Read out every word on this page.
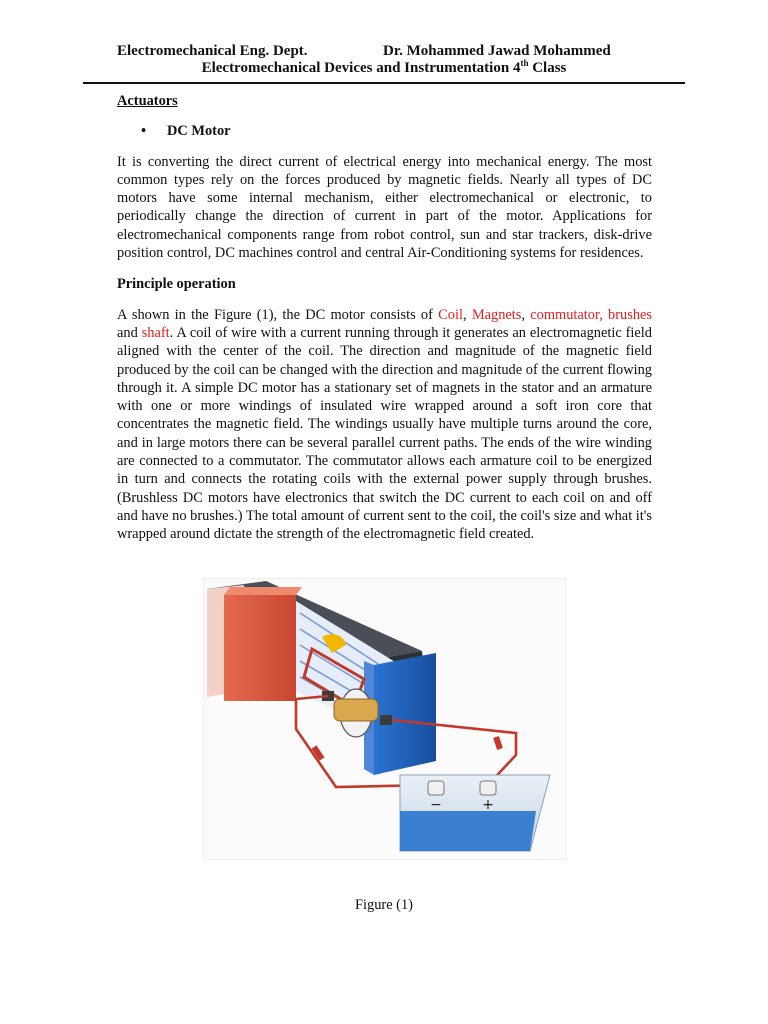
Electromechanical Eng. Dept.	Dr. Mohammed Jawad Mohammed
Electromechanical Devices and Instrumentation 4th Class
Actuators
•	DC Motor

It is converting the direct current of electrical energy into mechanical energy. The most common types rely on the forces produced by magnetic fields. Nearly all types of DC motors have some internal mechanism, either electromechanical or electronic, to periodically change the direction of current in part of the motor. Applications for electromechanical components range from robot control, sun and star trackers, disk-drive position control, DC machines control and central Air-Conditioning systems for residences.

Principle operation

A shown in the Figure (1), the DC motor consists of Coil, Magnets, commutator, brushes and shaft. A coil of wire with a current running through it generates an electromagnetic field aligned with the center of the coil. The direction and magnitude of the magnetic field produced by the coil can be changed with the direction and magnitude of the current flowing through it. A simple DC motor has a stationary set of magnets in the stator and an armature with one or more windings of insulated wire wrapped around a soft iron core that concentrates the magnetic field. The windings usually have multiple turns around the core, and in large motors there can be several parallel current paths. The ends of the wire winding are connected to a commutator. The commutator allows each armature coil to be energized in turn and connects the rotating coils with the external power supply through brushes. (Brushless DC motors have electronics that switch the DC current to each coil on and off and have no brushes.) The total amount of current sent to the coil, the coil's size and what it's wrapped around dictate the strength of the electromagnetic field created.

−	+
Figure (1)
